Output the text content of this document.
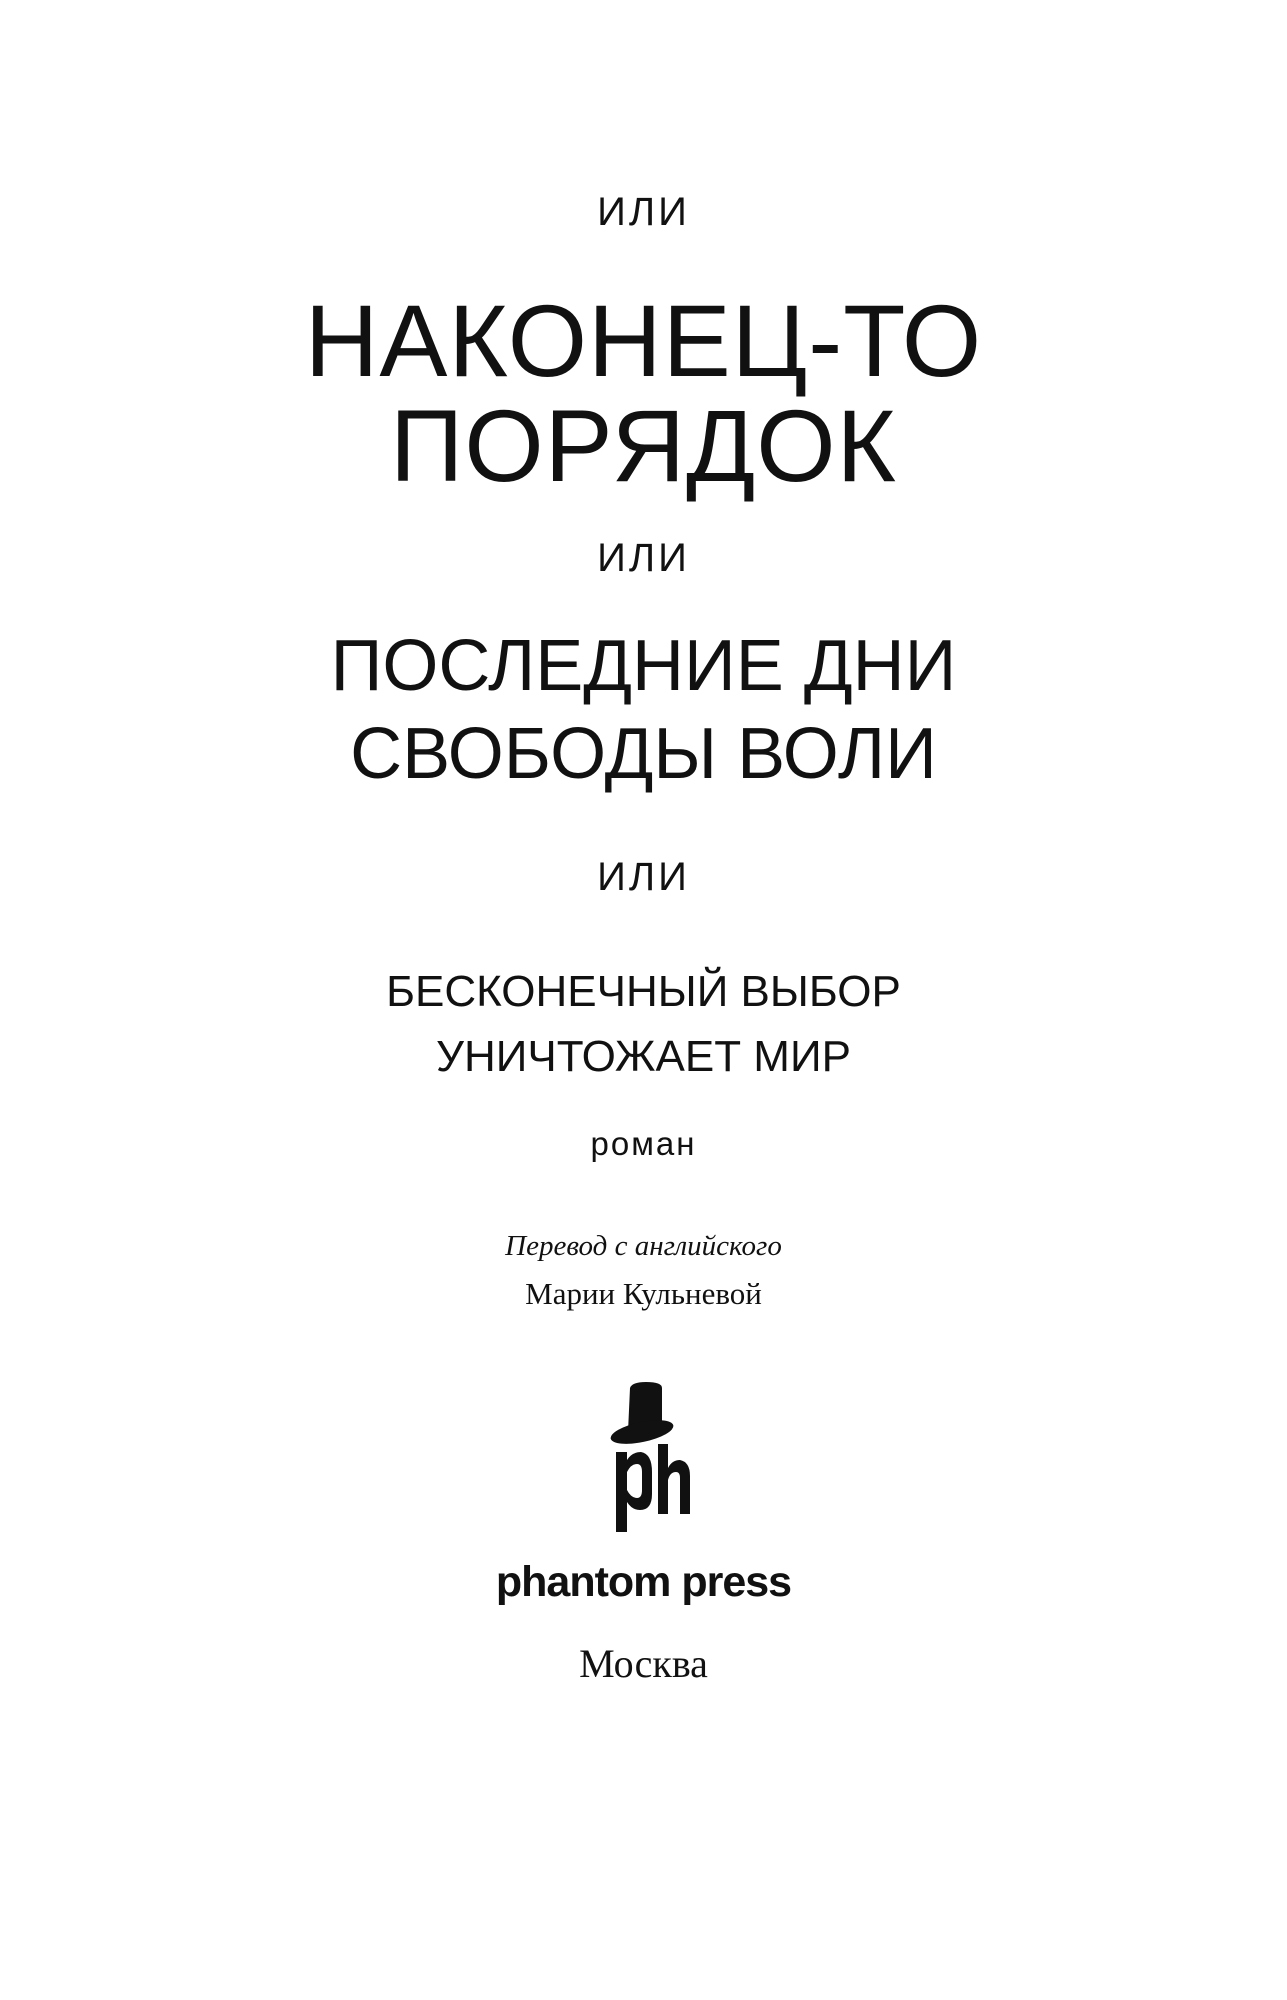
ИЛИ

НАКОНЕЦ-ТО

ПОРЯДОК

ИЛИ

ПОСЛЕДНИЕ ДНИ

СВОБОДЫ ВОЛИ

ИЛИ

БЕСКОНЕЧНЫЙ ВЫБОР

УНИЧТОЖАЕТ МИР

роман

Перевод с английского

Марии Кульневой

phantom press

Москва
